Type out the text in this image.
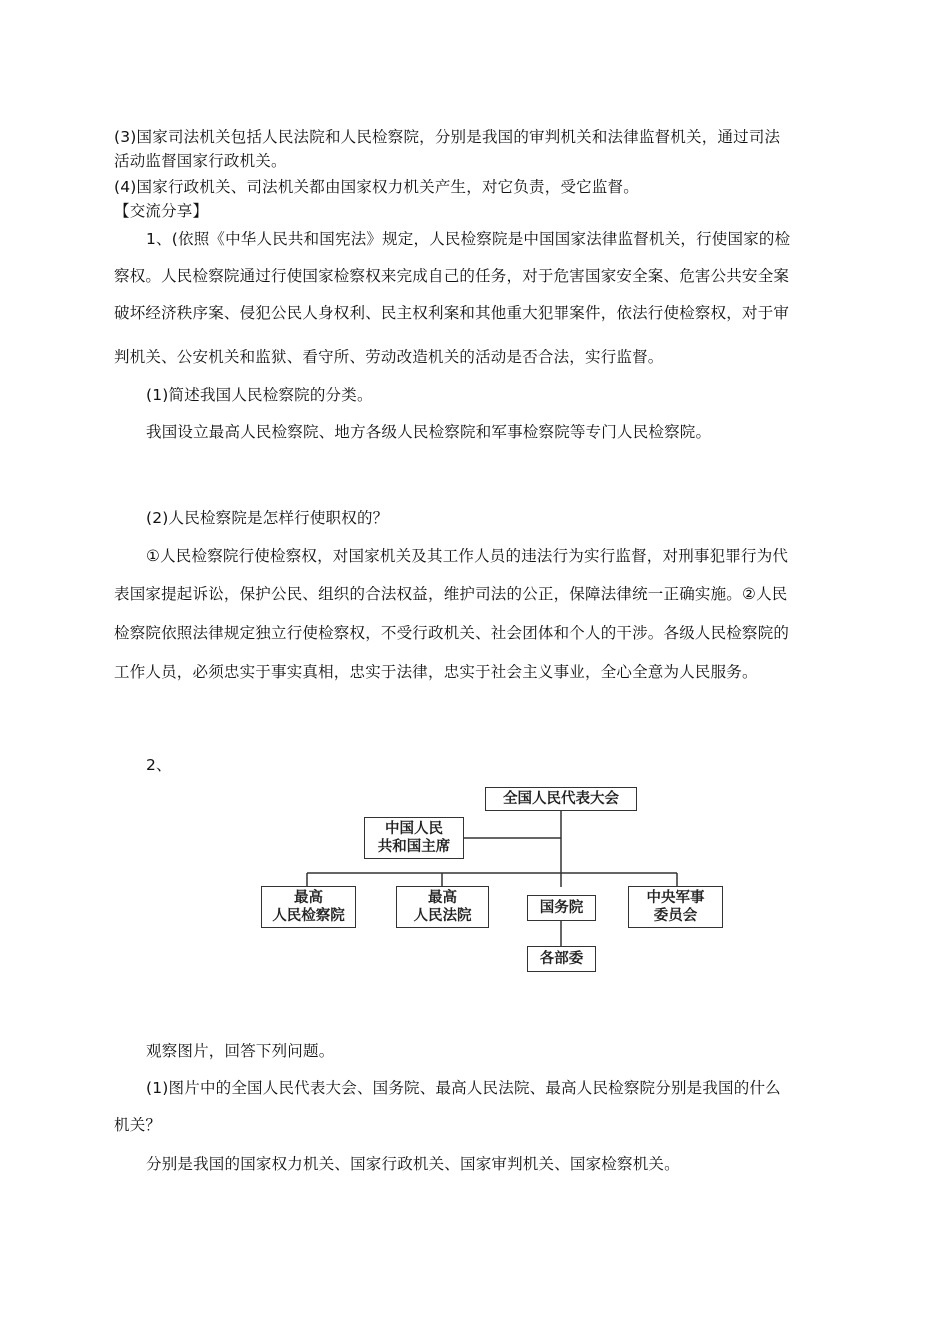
(3)国家司法机关包括人民法院和人民检察院，分别是我国的审判机关和法律监督机关，通过司法
活动监督国家行政机关。
(4)国家行政机关、司法机关都由国家权力机关产生，对它负责，受它监督。
【交流分享】
1、(依照《中华人民共和国宪法》规定，人民检察院是中国国家法律监督机关，行使国家的检
察权。人民检察院通过行使国家检察权来完成自己的任务，对于危害国家安全案、危害公共安全案
破坏经济秩序案、侵犯公民人身权利、民主权利案和其他重大犯罪案件，依法行使检察权，对于审
判机关、公安机关和监狱、看守所、劳动改造机关的活动是否合法，实行监督。
(1)简述我国人民检察院的分类。
我国设立最高人民检察院、地方各级人民检察院和军事检察院等专门人民检察院。
(2)人民检察院是怎样行使职权的？
①人民检察院行使检察权，对国家机关及其工作人员的违法行为实行监督，对刑事犯罪行为代
表国家提起诉讼，保护公民、组织的合法权益，维护司法的公正，保障法律统一正确实施。②人民
检察院依照法律规定独立行使检察权，不受行政机关、社会团体和个人的干涉。各级人民检察院的
工作人员，必须忠实于事实真相，忠实于法律，忠实于社会主义事业，全心全意为人民服务。
2、
全国人民代表大会
中国人民
共和国主席
最高
人民检察院
最高
人民法院	国务院
中央军事
委员会
各部委
观察图片，回答下列问题。
(1)图片中的全国人民代表大会、国务院、最高人民法院、最高人民检察院分别是我国的什么
机关？
分别是我国的国家权力机关、国家行政机关、国家审判机关、国家检察机关。
